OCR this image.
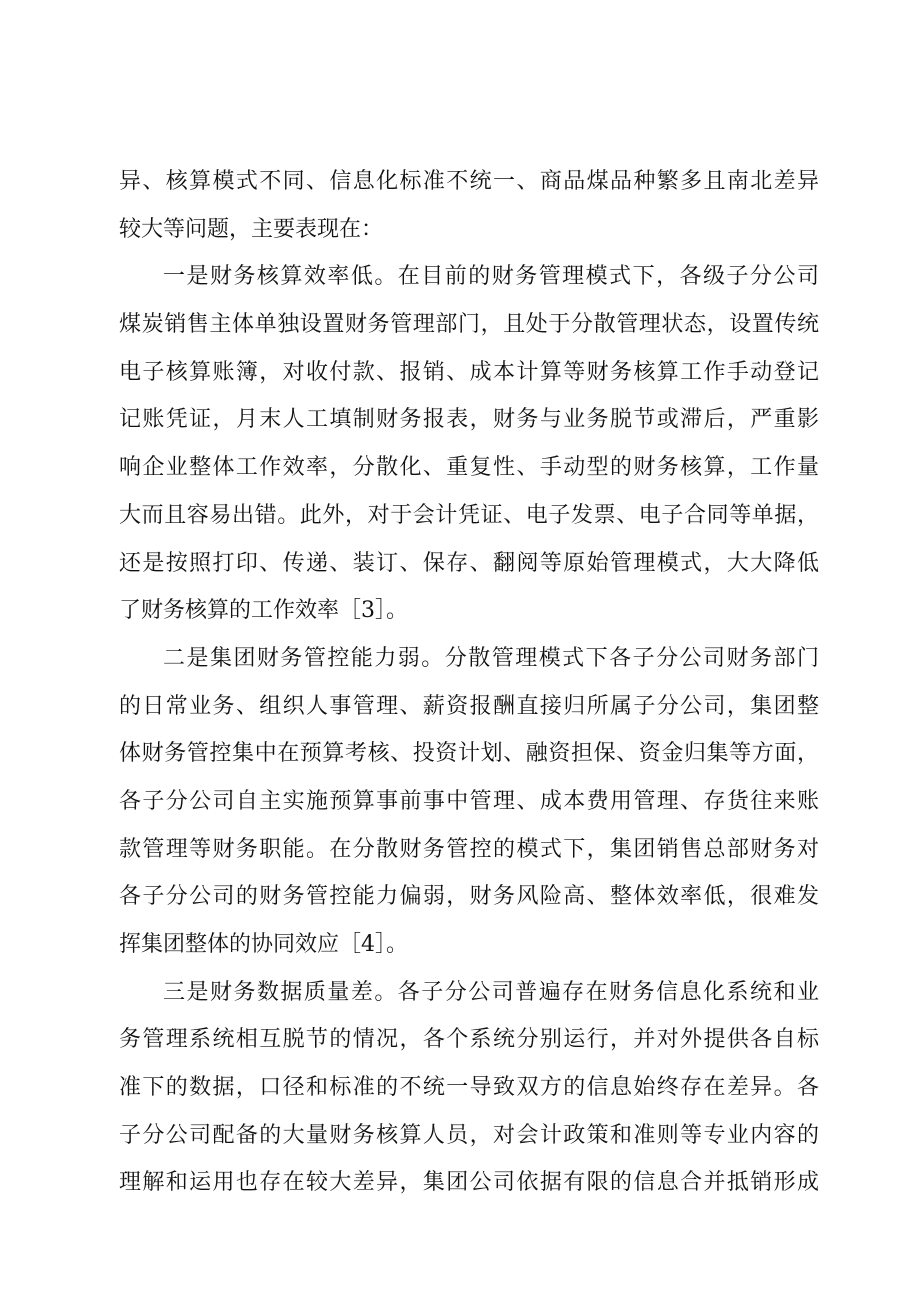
异、核算模式不同、信息化标准不统一、商品煤品种繁多且南北差异
较大等问题，主要表现在：
一是财务核算效率低。在目前的财务管理模式下，各级子分公司
煤炭销售主体单独设置财务管理部门，且处于分散管理状态，设置传统
电子核算账簿，对收付款、报销、成本计算等财务核算工作手动登记
记账凭证，月末人工填制财务报表，财务与业务脱节或滞后，严重影
响企业整体工作效率，分散化、重复性、手动型的财务核算，工作量
大而且容易出错。此外，对于会计凭证、电子发票、电子合同等单据，
还是按照打印、传递、装订、保存、翻阅等原始管理模式，大大降低
了财务核算的工作效率［3］。
二是集团财务管控能力弱。分散管理模式下各子分公司财务部门
的日常业务、组织人事管理、薪资报酬直接归所属子分公司，集团整
体财务管控集中在预算考核、投资计划、融资担保、资金归集等方面，
各子分公司自主实施预算事前事中管理、成本费用管理、存货往来账
款管理等财务职能。在分散财务管控的模式下，集团销售总部财务对
各子分公司的财务管控能力偏弱，财务风险高、整体效率低，很难发
挥集团整体的协同效应［4］。
三是财务数据质量差。各子分公司普遍存在财务信息化系统和业
务管理系统相互脱节的情况，各个系统分别运行，并对外提供各自标
准下的数据，口径和标准的不统一导致双方的信息始终存在差异。各
子分公司配备的大量财务核算人员，对会计政策和准则等专业内容的
理解和运用也存在较大差异，集团公司依据有限的信息合并抵销形成
